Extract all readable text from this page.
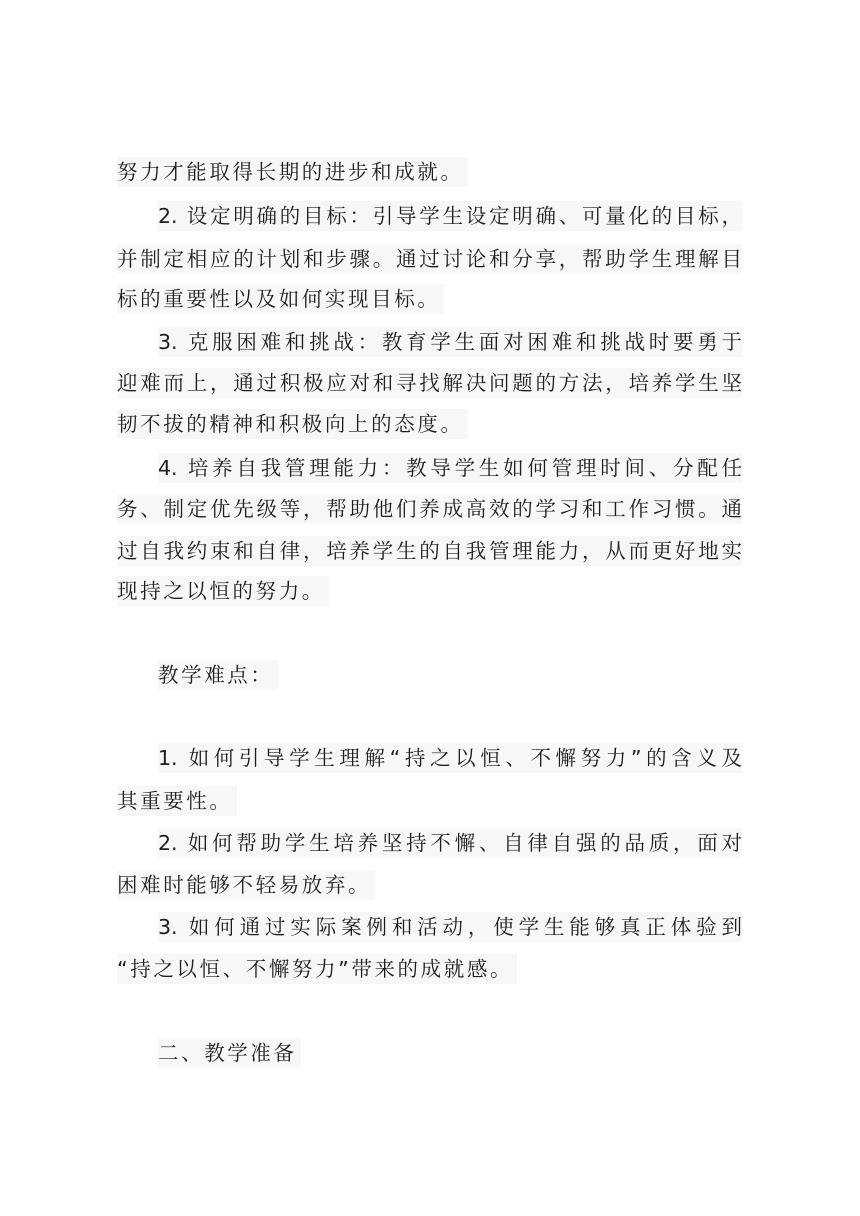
努力才能取得长期的进步和成就。
2. 设定明确的目标：引导学生设定明确、可量化的目标，
并制定相应的计划和步骤。通过讨论和分享，帮助学生理解目
标的重要性以及如何实现目标。
3. 克服困难和挑战：教育学生面对困难和挑战时要勇于
迎难而上，通过积极应对和寻找解决问题的方法，培养学生坚
韧不拔的精神和积极向上的态度。
4. 培养自我管理能力：教导学生如何管理时间、分配任
务、制定优先级等，帮助他们养成高效的学习和工作习惯。通
过自我约束和自律，培养学生的自我管理能力，从而更好地实
现持之以恒的努力。
教学难点：
1. 如何引导学生理解“持之以恒、不懈努力”的含义及
其重要性。
2. 如何帮助学生培养坚持不懈、自律自强的品质，面对
困难时能够不轻易放弃。
3. 如何通过实际案例和活动，使学生能够真正体验到
“持之以恒、不懈努力”带来的成就感。
二、教学准备
